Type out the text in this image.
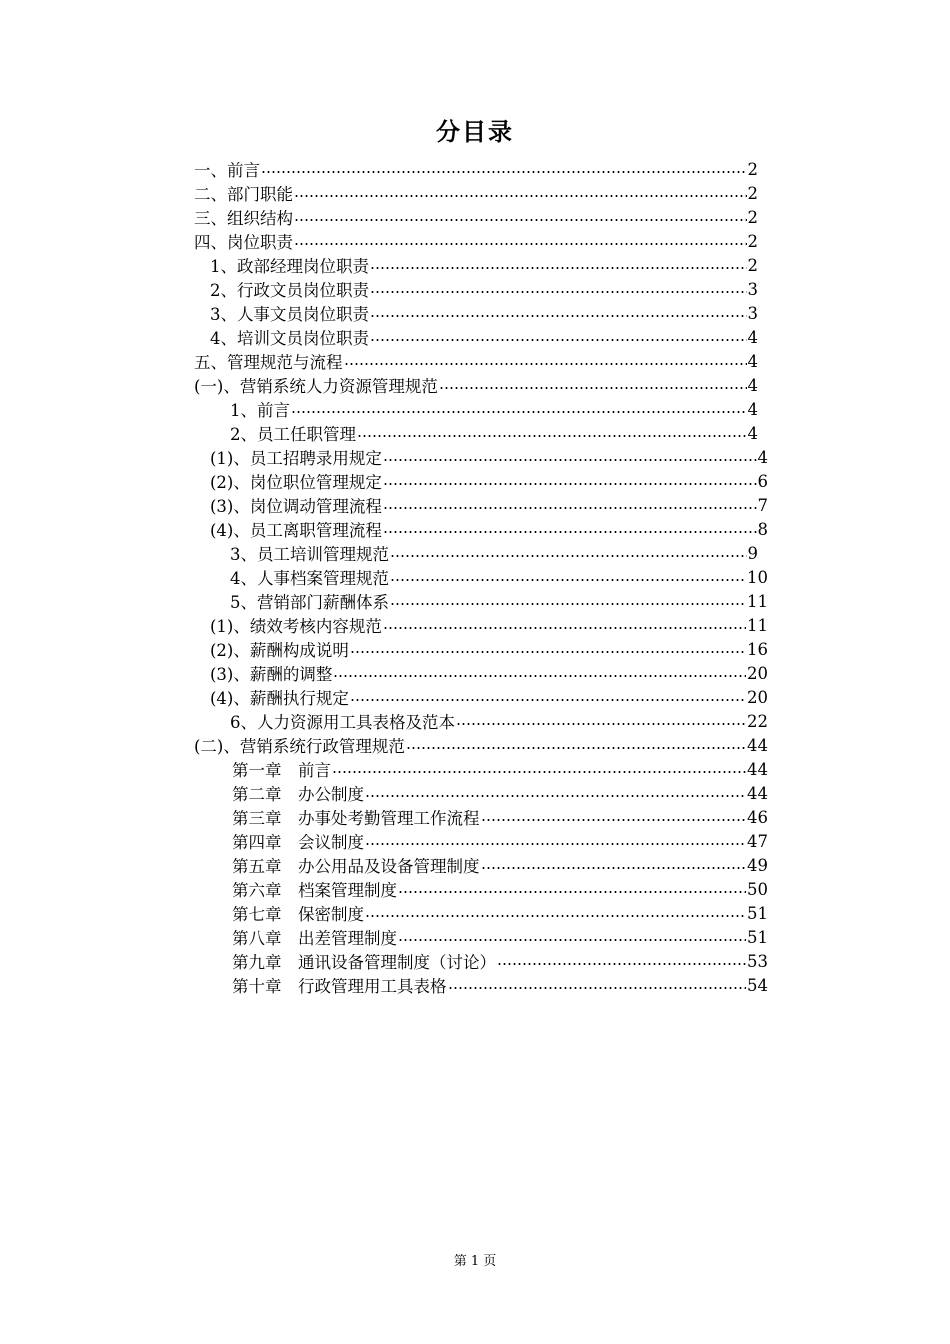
分目录
一、前言	2
二、部门职能	2
三、组织结构	2
四、岗位职责	2
1、政部经理岗位职责	2
2、行政文员岗位职责	3
3、人事文员岗位职责	3
4、培训文员岗位职责	4
五、管理规范与流程	4
(一)、营销系统人力资源管理规范	4
1、前言	4
2、员工任职管理	4
(1)、员工招聘录用规定	4
(2)、岗位职位管理规定	6
(3)、岗位调动管理流程	7
(4)、员工离职管理流程	8
3、员工培训管理规范	9
4、人事档案管理规范	10
5、营销部门薪酬体系	11
(1)、绩效考核内容规范	11
(2)、薪酬构成说明	16
(3)、薪酬的调整	20
(4)、薪酬执行规定	20
6、人力资源用工具表格及范本	22
(二)、营销系统行政管理规范	44
第一章　前言	44
第二章　办公制度	44
第三章　办事处考勤管理工作流程	46
第四章　会议制度	47
第五章　办公用品及设备管理制度	49
第六章　档案管理制度	50
第七章　保密制度	51
第八章　出差管理制度	51
第九章　通讯设备管理制度（讨论）	53
第十章　行政管理用工具表格	54
第 1 页
